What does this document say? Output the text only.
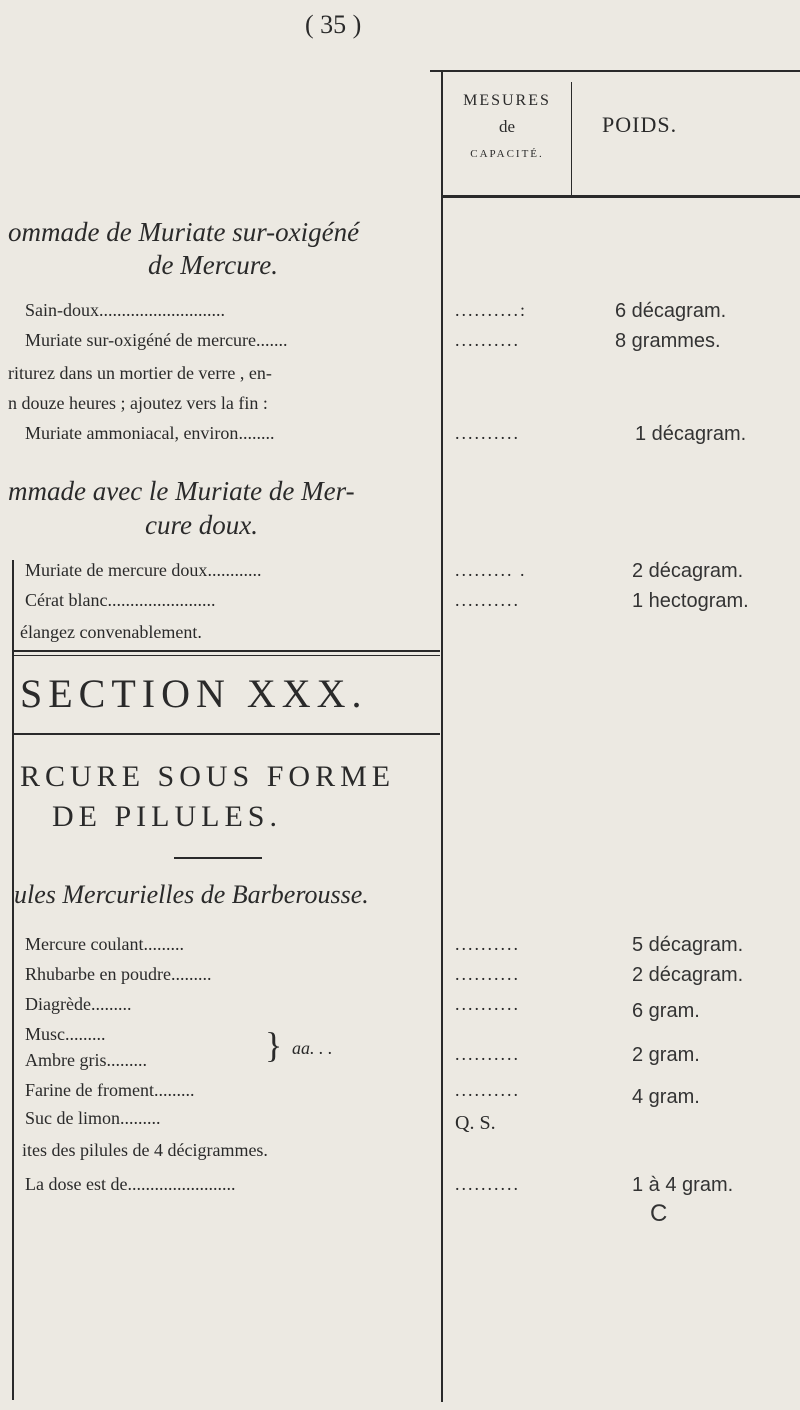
( 35 )
MESURES
de
CAPACITÉ.
POIDS.
ommade de Muriate sur-oxigéné
de Mercure.
Sain-doux............................	..........:	6 décagram.
Muriate sur-oxigéné de mercure.......	..........	8 grammes.
riturez dans un mortier de verre , en-
n douze heures ; ajoutez vers la fin :
Muriate ammoniacal, environ........	..........	1 décagram.
mmade avec le Muriate de Mer-
cure doux.
Muriate de mercure doux............	......... .	2 décagram.
Cérat blanc........................	..........	1 hectogram.
élangez convenablement.
SECTION XXX.
RCURE SOUS FORME
DE PILULES.
ules Mercurielles de Barberousse.
Mercure coulant.........	..........	5 décagram.
Rhubarbe en poudre.........	..........	2 décagram.
Diagrède.........	..........	6 gram.
Musc.........
Ambre gris.........	} aa. . .	..........	2 gram.
Farine de froment.........	..........	4 gram.
Suc de limon.........	Q. S.
ites des pilules de 4 décigrammes.
La dose est de........................	..........	1 à 4 gram.
C
